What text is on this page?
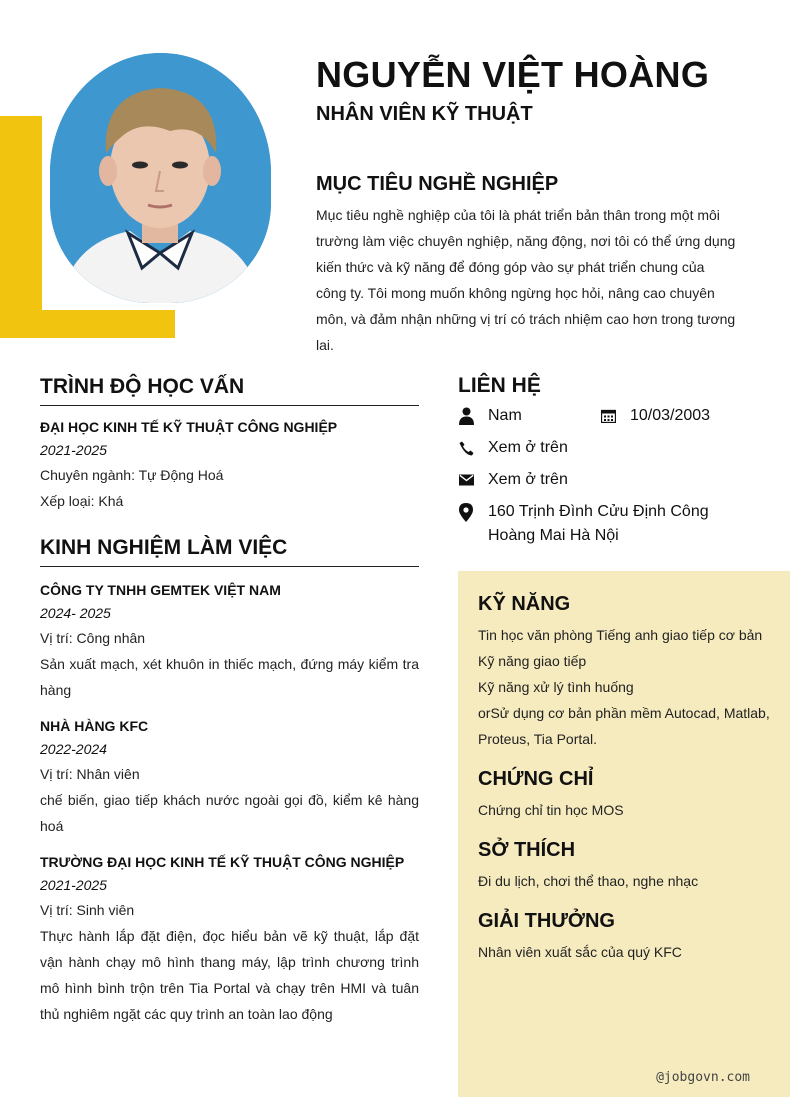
NGUYỄN VIỆT HOÀNG
NHÂN VIÊN KỸ THUẬT
MỤC TIÊU NGHỀ NGHIỆP

Mục tiêu nghề nghiệp của tôi là phát triển bản thân trong một môi trường làm việc chuyên nghiệp, năng động, nơi tôi có thể ứng dụng kiến thức và kỹ năng để đóng góp vào sự phát triển chung của công ty. Tôi mong muốn không ngừng học hỏi, nâng cao chuyên môn, và đảm nhận những vị trí có trách nhiệm cao hơn trong tương lai.

TRÌNH ĐỘ HỌC VẤN
ĐẠI HỌC KINH TẾ KỸ THUẬT CÔNG NGHIỆP
2021-2025
Chuyên ngành: Tự Động Hoá
Xếp loại: Khá
KINH NGHIỆM LÀM VIỆC
CÔNG TY TNHH GEMTEK VIỆT NAM
2024- 2025
Vị trí: Công nhân
Sản xuất mạch, xét khuôn in thiếc mạch, đứng máy kiểm tra hàng
NHÀ HÀNG KFC
2022-2024
Vị trí: Nhân viên
chế biến, giao tiếp khách nước ngoài gọi đồ, kiểm kê hàng hoá
TRƯỜNG ĐẠI HỌC KINH TẾ KỸ THUẬT CÔNG NGHIỆP
2021-2025
Vị trí: Sinh viên
Thực hành lắp đặt điện, đọc hiểu bản vẽ kỹ thuật, lắp đặt vận hành chạy mô hình thang máy, lập trình chương trình mô hình bình trộn trên Tia Portal và chạy trên HMI và tuân thủ nghiêm ngặt các quy trình an toàn lao động
LIÊN HỆ
Nam	10/03/2003
Xem ở trên
Xem ở trên
160 Trịnh Đình Cửu Định Công Hoàng Mai Hà Nội
KỸ NĂNG
Tin học văn phòng Tiếng anh giao tiếp cơ bản
Kỹ năng giao tiếp
Kỹ năng xử lý tình huống
orSử dụng cơ bản phần mềm Autocad, Matlab, Proteus, Tia Portal.
CHỨNG CHỈ
Chứng chỉ tin học MOS
SỞ THÍCH
Đi du lịch, chơi thể thao, nghe nhạc
GIẢI THƯỞNG
Nhân viên xuất sắc của quý KFC
@jobgovn.com
